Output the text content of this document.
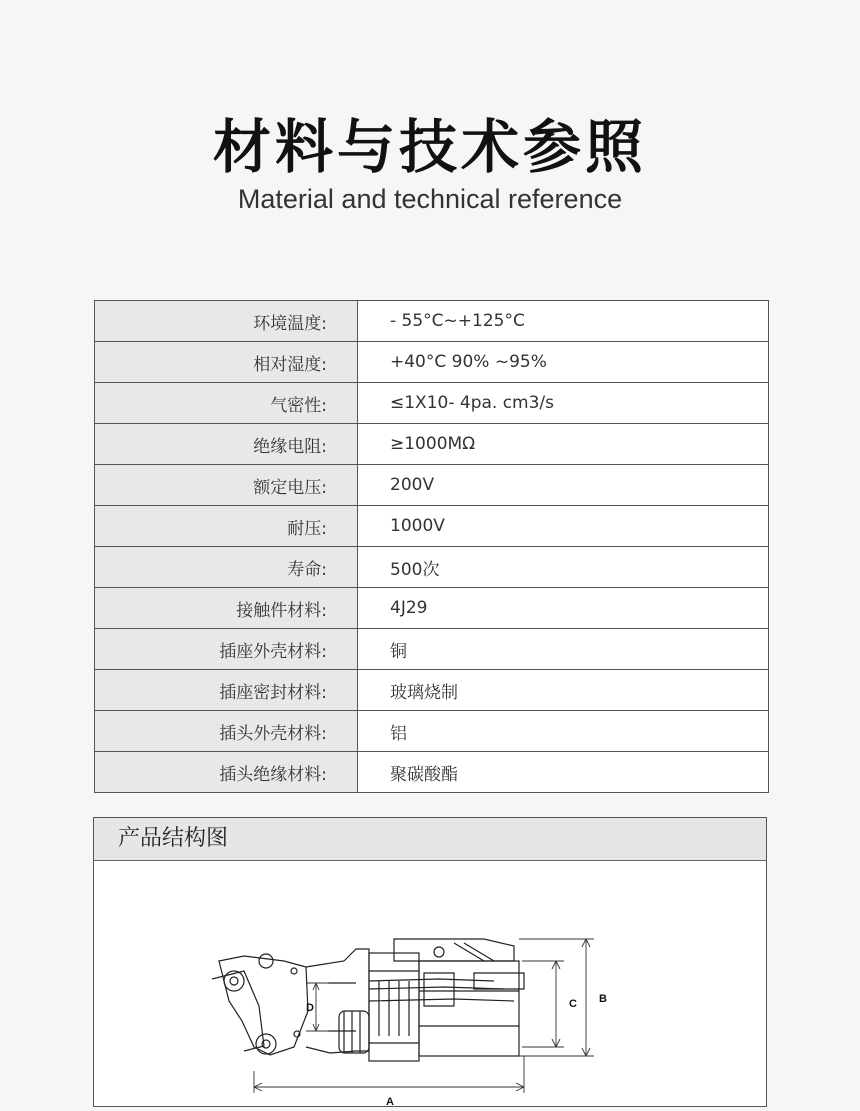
材料与技术参照
Material and technical reference
环境温度:	- 55°C~+125°C
相对湿度:	+40°C 90% ~95%
气密性:	≤1X10- 4pa. cm3/s
绝缘电阻:	≥1000MΩ
额定电压:	200V
耐压:	1000V
寿命:	500次
接触件材料:	4J29
插座外壳材料:	铜
插座密封材料:	玻璃烧制
插头外壳材料:	铝
插头绝缘材料:	聚碳酸酯
产品结构图
A
B
C
D
